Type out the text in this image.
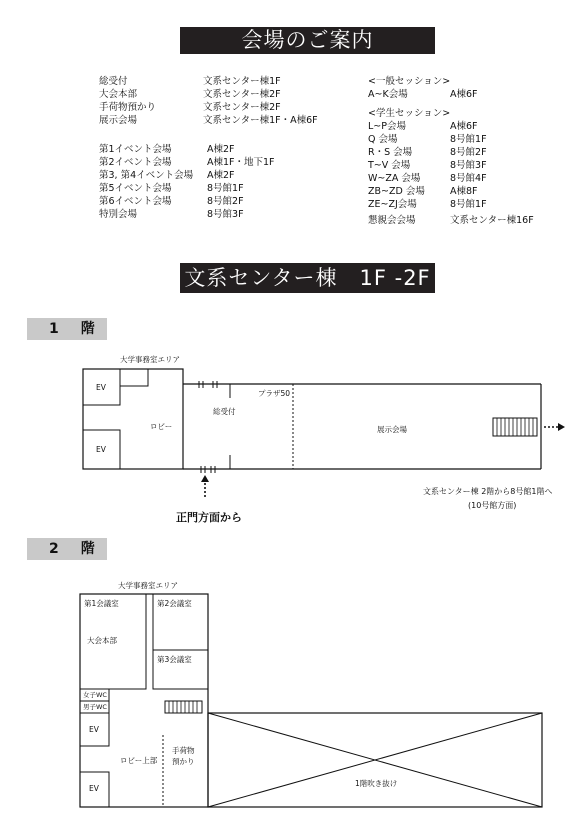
会場のご案内
文系センター棟　1F -2F
総受付	文系センター棟1F
大会本部	文系センター棟2F
手荷物預かり	文系センター棟2F
展示会場	文系センター棟1F・A棟6F
第1イベント会場	A棟2F
第2イベント会場	A棟1F・地下1F
第3, 第4イベント会場 A棟2F
第5イベント会場	8号館1F
第6イベント会場	8号館2F
特別会場	8号館3F
<一般セッション>
A~K会場	A棟6F
<学生セッション>
L~P会場	A棟6F
Q 会場	8号館1F
R・S 会場	8号館2F
T~V 会場	8号館3F
W~ZA 会場	8号館4F
ZB~ZD 会場	A棟8F
ZE~ZJ会場	8号館1F
懇親会会場	文系センター棟16F
1　階
大学事務室エリア
EV
EV
ロビー
総受付
プラザ50
展示会場
正門方面から
文系センター棟 2階から8号館1階へ
(10号館方面)
2　階
大学事務室エリア
第1会議室
大会本部
第2会議室
第3会議室
女子WC
男子WC
EV
EV
ロビー上部
手荷物
預かり
1階吹き抜け
